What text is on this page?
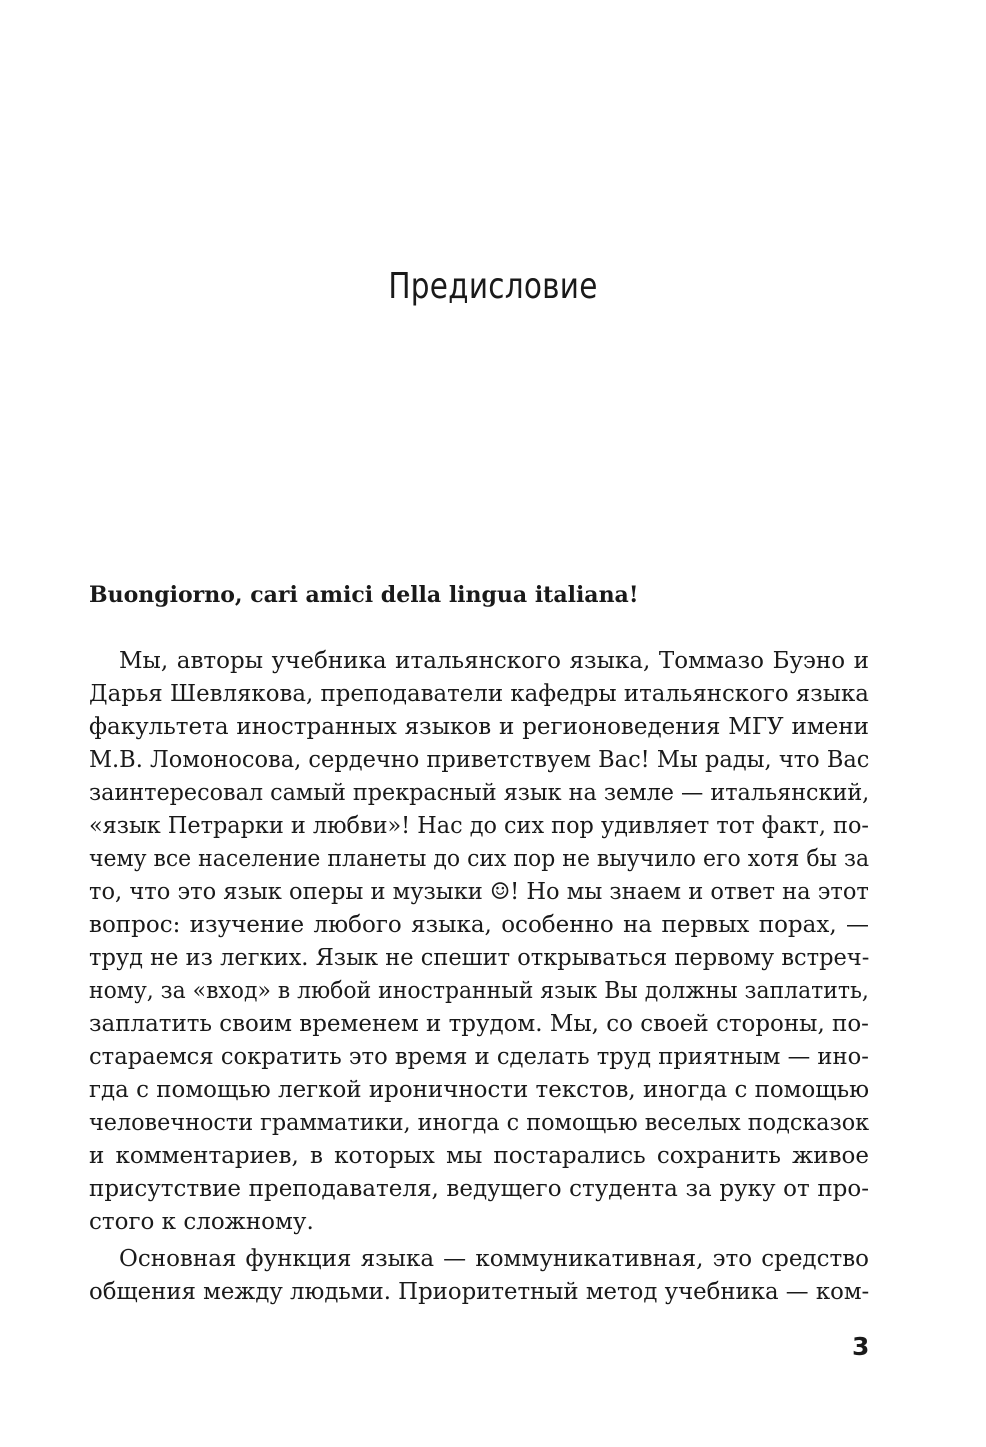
Предисловие
Buongiorno, cari amici della lingua italiana!
Мы, авторы учебника итальянского языка, Томмазо Буэно и
Дарья Шевлякова, преподаватели кафедры итальянского языка
факультета иностранных языков и регионоведения МГУ имени
М.В. Ломоносова, сердечно приветствуем Вас! Мы рады, что Вас
заинтересовал самый прекрасный язык на земле — итальянский,
«язык Петрарки и любви»! Нас до сих пор удивляет тот факт, по-
чему все население планеты до сих пор не выучило его хотя бы за
то, что это язык оперы и музыки ☺! Но мы знаем и ответ на этот
вопрос: изучение любого языка, особенно на первых порах, —
труд не из легких. Язык не спешит открываться первому встреч-
ному, за «вход» в любой иностранный язык Вы должны заплатить,
заплатить своим временем и трудом. Мы, со своей стороны, по-
стараемся сократить это время и сделать труд приятным — ино-
гда с помощью легкой ироничности текстов, иногда с помощью
человечности грамматики, иногда с помощью веселых подсказок
и комментариев, в которых мы постарались сохранить живое
присутствие преподавателя, ведущего студента за руку от про-
стого к сложному.
Основная функция языка — коммуникативная, это средство
общения между людьми. Приоритетный метод учебника — ком-
3
